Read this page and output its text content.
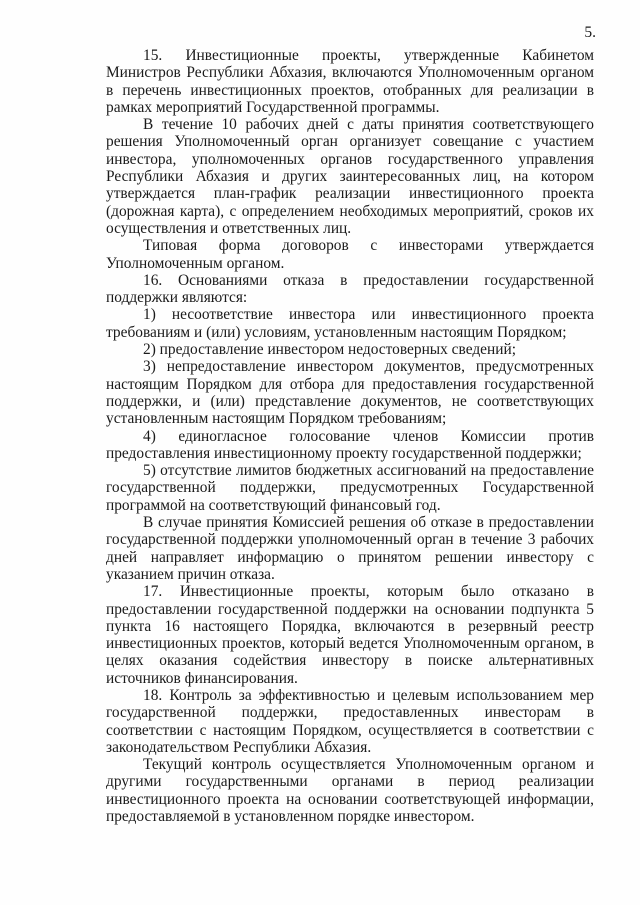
5.

15. Инвестиционные проекты, утвержденные Кабинетом Министров Республики Абхазия, включаются Уполномоченным органом в перечень инвестиционных проектов, отобранных для реализации в рамках мероприятий Государственной программы.

В течение 10 рабочих дней с даты принятия соответствующего решения Уполномоченный орган организует совещание с участием инвестора, уполномоченных органов государственного управления Республики Абхазия и других заинтересованных лиц, на котором утверждается план-график реализации инвестиционного проекта (дорожная карта), с определением необходимых мероприятий, сроков их осуществления и ответственных лиц.

Типовая форма договоров с инвесторами утверждается Уполномоченным органом.

16. Основаниями отказа в предоставлении государственной поддержки являются:

1) несоответствие инвестора или инвестиционного проекта требованиям и (или) условиям, установленным настоящим Порядком;

2) предоставление инвестором недостоверных сведений;

3) непредоставление инвестором документов, предусмотренных настоящим Порядком для отбора для предоставления государственной поддержки, и (или) представление документов, не соответствующих установленным настоящим Порядком требованиям;

4) единогласное голосование членов Комиссии против предоставления инвестиционному проекту государственной поддержки;

5) отсутствие лимитов бюджетных ассигнований на предоставление государственной поддержки, предусмотренных Государственной программой на соответствующий финансовый год.

В случае принятия Комиссией решения об отказе в предоставлении государственной поддержки уполномоченный орган в течение 3 рабочих дней направляет информацию о принятом решении инвестору с указанием причин отказа.

17. Инвестиционные проекты, которым было отказано в предоставлении государственной поддержки на основании подпункта 5 пункта 16 настоящего Порядка, включаются в резервный реестр инвестиционных проектов, который ведется Уполномоченным органом, в целях оказания содействия инвестору в поиске альтернативных источников финансирования.

18. Контроль за эффективностью и целевым использованием мер государственной поддержки, предоставленных инвесторам в соответствии с настоящим Порядком, осуществляется в соответствии с законодательством Республики Абхазия.

Текущий контроль осуществляется Уполномоченным органом и другими государственными органами в период реализации инвестиционного проекта на основании соответствующей информации, предоставляемой в установленном порядке инвестором.
